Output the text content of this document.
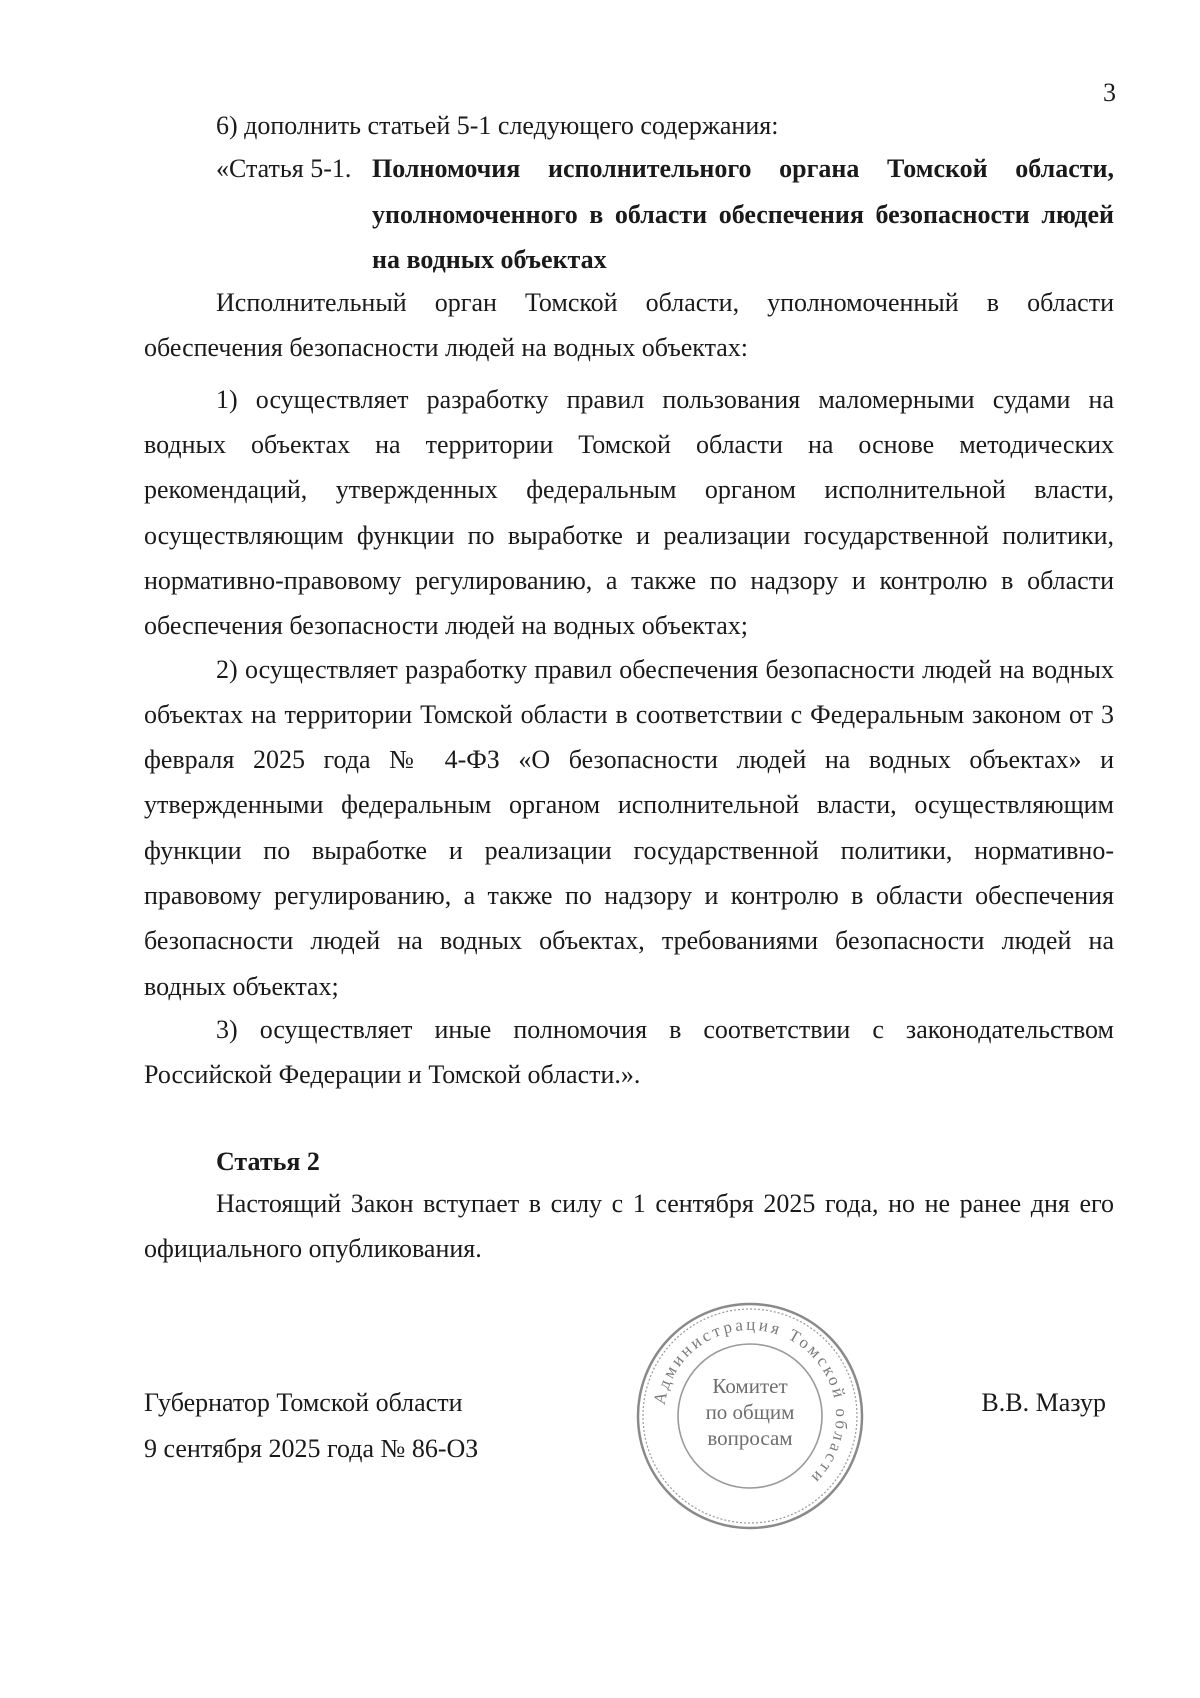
3

6) дополнить статьей 5-1 следующего содержания:

«Статья 5-1. Полномочия исполнительного органа Томской области, уполномоченного в области обеспечения безопасности людей на водных объектах

Исполнительный орган Томской области, уполномоченный в области обеспечения безопасности людей на водных объектах:

1) осуществляет разработку правил пользования маломерными судами на водных объектах на территории Томской области на основе методических рекомендаций, утвержденных федеральным органом исполнительной власти, осуществляющим функции по выработке и реализации государственной политики, нормативно-правовому регулированию, а также по надзору и контролю в области обеспечения безопасности людей на водных объектах;

2) осуществляет разработку правил обеспечения безопасности людей на водных объектах на территории Томской области в соответствии с Федеральным законом от 3 февраля 2025 года № 4-ФЗ «О безопасности людей на водных объектах» и утвержденными федеральным органом исполнительной власти, осуществляющим функции по выработке и реализации государственной политики, нормативно-правовому регулированию, а также по надзору и контролю в области обеспечения безопасности людей на водных объектах, требованиями безопасности людей на водных объектах;

3) осуществляет иные полномочия в соответствии с законодательством Российской Федерации и Томской области.».

Статья 2

Настоящий Закон вступает в силу с 1 сентября 2025 года, но не ранее дня его официального опубликования.

Губернатор Томской области
9 сентября 2025 года № 86-ОЗ
В.В. Мазур
Администрация Томской области
Комитет
по общим
вопросам
